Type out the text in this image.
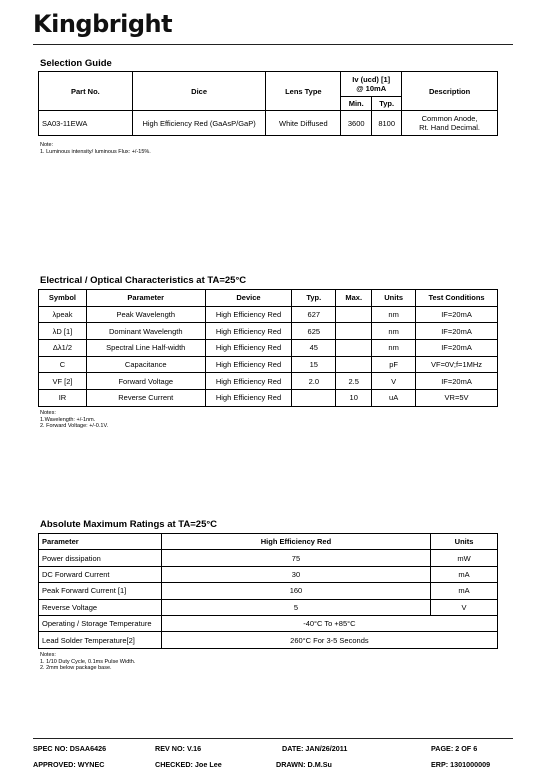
Kingbright
Selection Guide
Part No.	Dice	Lens Type	Iv (ucd) [1]
@ 10mA		Description
			Min.	Typ.	
SA03-11EWA	High Efficiency Red (GaAsP/GaP)	White Diffused	3600	8100	Common Anode,
Rt. Hand Decimal.
Note:
1. Luminous intensity/ luminous Flux: +/-15%.
Electrical / Optical Characteristics at TA=25°C
Symbol	Parameter	Device	Typ.	Max.	Units	Test Conditions
λpeak	Peak Wavelength	High Efficiency Red	627		nm	IF=20mA
λD [1]	Dominant Wavelength	High Efficiency Red	625		nm	IF=20mA
Δλ1/2	Spectral Line Half-width	High Efficiency Red	45		nm	IF=20mA
C	Capacitance	High Efficiency Red	15		pF	VF=0V;f=1MHz
VF [2]	Forward Voltage	High Efficiency Red	2.0	2.5	V	IF=20mA
IR	Reverse Current	High Efficiency Red		10	uA	VR=5V
Notes:
1.Wavelength: +/-1nm.
2. Forward Voltage: +/-0.1V.
Absolute Maximum Ratings at TA=25°C
Parameter	High Efficiency Red	Units
Power dissipation	75	mW
DC Forward Current	30	mA
Peak Forward Current [1]	160	mA
Reverse Voltage	5	V
Operating / Storage Temperature	-40°C To +85°C	
Lead Solder Temperature[2]	260°C For 3-5 Seconds	
Notes:
1. 1/10 Duty Cycle, 0.1ms Pulse Width.
2. 2mm below package base.
SPEC NO: DSAA6426	REV NO: V.16	DATE: JAN/26/2011	PAGE: 2 OF 6
APPROVED: WYNEC	CHECKED: Joe Lee	DRAWN: D.M.Su	ERP: 1301000009
